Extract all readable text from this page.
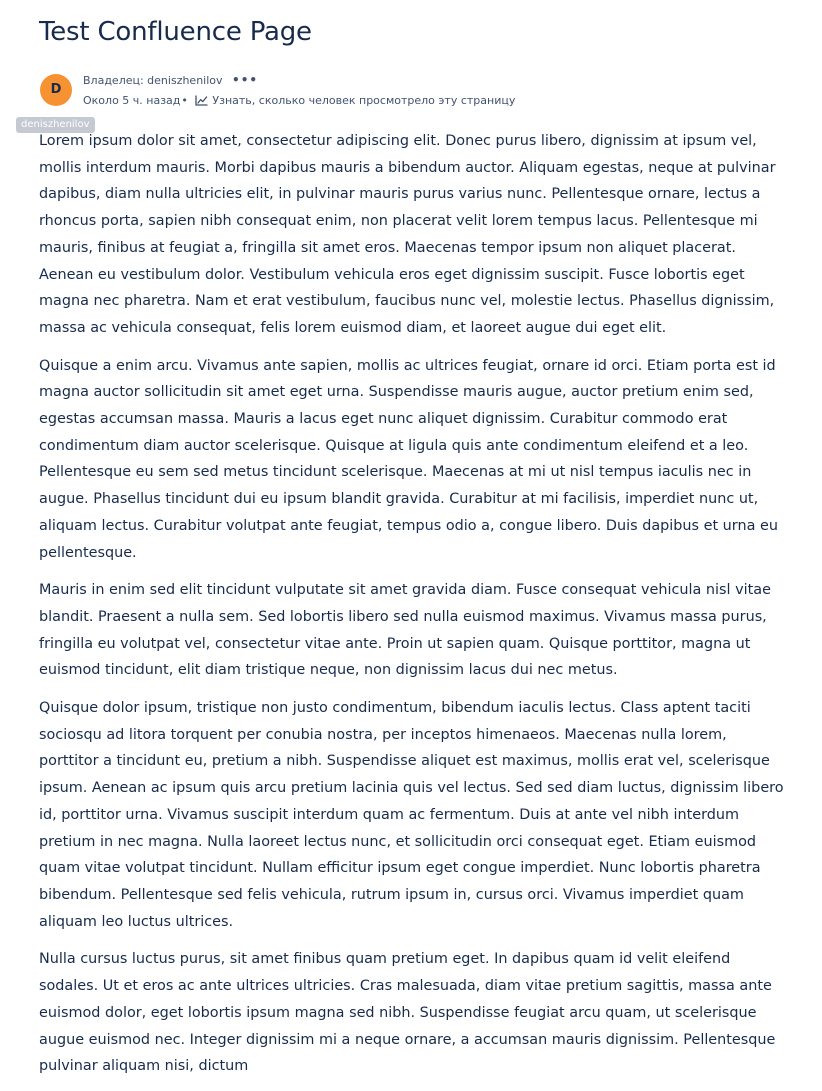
Test Confluence Page
D
Владелец: deniszhenilov •••
Около 5 ч. назад• Узнать, сколько человек просмотрело эту страницу
deniszhenilov

Lorem ipsum dolor sit amet, consectetur adipiscing elit. Donec purus libero, dignissim at ipsum vel, mollis interdum mauris. Morbi dapibus mauris a bibendum auctor. Aliquam egestas, neque at pulvinar dapibus, diam nulla ultricies elit, in pulvinar mauris purus varius nunc. Pellentesque ornare, lectus a rhoncus porta, sapien nibh consequat enim, non placerat velit lorem tempus lacus. Pellentesque mi mauris, finibus at feugiat a, fringilla sit amet eros. Maecenas tempor ipsum non aliquet placerat. Aenean eu vestibulum dolor. Vestibulum vehicula eros eget dignissim suscipit. Fusce lobortis eget magna nec pharetra. Nam et erat vestibulum, faucibus nunc vel, molestie lectus. Phasellus dignissim, massa ac vehicula consequat, felis lorem euismod diam, et laoreet augue dui eget elit.

Quisque a enim arcu. Vivamus ante sapien, mollis ac ultrices feugiat, ornare id orci. Etiam porta est id magna auctor sollicitudin sit amet eget urna. Suspendisse mauris augue, auctor pretium enim sed, egestas accumsan massa. Mauris a lacus eget nunc aliquet dignissim. Curabitur commodo erat condimentum diam auctor scelerisque. Quisque at ligula quis ante condimentum eleifend et a leo. Pellentesque eu sem sed metus tincidunt scelerisque. Maecenas at mi ut nisl tempus iaculis nec in augue. Phasellus tincidunt dui eu ipsum blandit gravida. Curabitur at mi facilisis, imperdiet nunc ut, aliquam lectus. Curabitur volutpat ante feugiat, tempus odio a, congue libero. Duis dapibus et urna eu pellentesque.

Mauris in enim sed elit tincidunt vulputate sit amet gravida diam. Fusce consequat vehicula nisl vitae blandit. Praesent a nulla sem. Sed lobortis libero sed nulla euismod maximus. Vivamus massa purus, fringilla eu volutpat vel, consectetur vitae ante. Proin ut sapien quam. Quisque porttitor, magna ut euismod tincidunt, elit diam tristique neque, non dignissim lacus dui nec metus.

Quisque dolor ipsum, tristique non justo condimentum, bibendum iaculis lectus. Class aptent taciti sociosqu ad litora torquent per conubia nostra, per inceptos himenaeos. Maecenas nulla lorem, porttitor a tincidunt eu, pretium a nibh. Suspendisse aliquet est maximus, mollis erat vel, scelerisque ipsum. Aenean ac ipsum quis arcu pretium lacinia quis vel lectus. Sed sed diam luctus, dignissim libero id, porttitor urna. Vivamus suscipit interdum quam ac fermentum. Duis at ante vel nibh interdum pretium in nec magna. Nulla laoreet lectus nunc, et sollicitudin orci consequat eget. Etiam euismod quam vitae volutpat tincidunt. Nullam efficitur ipsum eget congue imperdiet. Nunc lobortis pharetra bibendum. Pellentesque sed felis vehicula, rutrum ipsum in, cursus orci. Vivamus imperdiet quam aliquam leo luctus ultrices.

Nulla cursus luctus purus, sit amet finibus quam pretium eget. In dapibus quam id velit eleifend sodales. Ut et eros ac ante ultrices ultricies. Cras malesuada, diam vitae pretium sagittis, massa ante euismod dolor, eget lobortis ipsum magna sed nibh. Suspendisse feugiat arcu quam, ut scelerisque augue euismod nec. Integer dignissim mi a neque ornare, a accumsan mauris dignissim. Pellentesque pulvinar aliquam nisi, dictum
